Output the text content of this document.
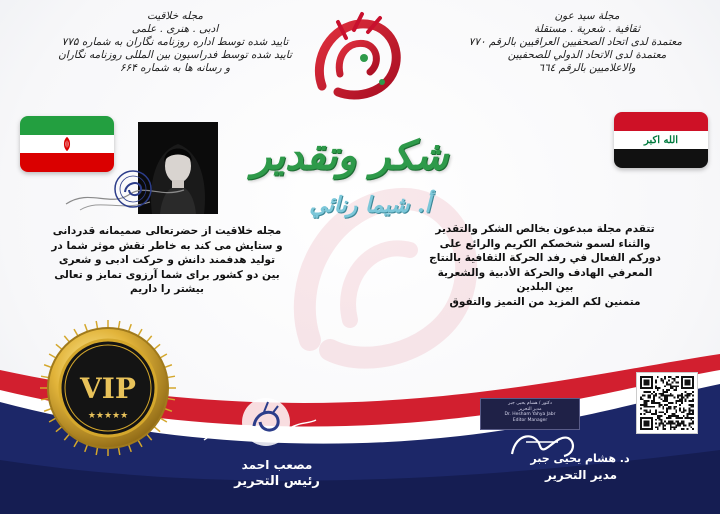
مجلة سيد عون
ثقافية . شعرية . مستقلة
معتمدة لدى اتحاد الصحفيين العراقيين بالرقم ٧٧٠
معتمدة لدى الاتحاد الدولي للصحفيين
والاعلاميين بالرقم ٦٦٤
مجله خلاقیت
ادبی . هنری . علمی
تایید شده توسط اداره روزنامه نگاران به شماره ۷۷۵
تایید شده توسط فدراسیون بین المللی روزنامه نگاران
و رسانه ها به شماره ۶۶۴
الله اكبر
شكر وتقدير
أ. شيما رنائي
تتقدم مجلة مبدعون بخالص الشكر والتقدير
والثناء لسمو شخصكم الكريم والرائع على
دوركم الفعال في رفد الحركة الثقافية بالنتاج
المعرفي الهادف والحركة الأدبية والشعرية
بين البلدين
متمنين لكم المزيد من التميز والتفوق
مجله خلاقیت از حضرتعالی صمیمانه قدردانی
و ستایش می کند به خاطر نقش موثر شما در
تولید هدفمند دانش و حرکت ادبی و شعری
بین دو کشور برای شما آرزوی تمایز و تعالی
بیشتر را داریم
VIP
★★★★★
مصعب احمد
رئيس التحرير
دكتور / هشام يحيى جبر
مدير التحرير
Dr. Hesham Yahya Jabr
Editor Manager
د. هشام يحيى جبر
مدير التحرير
